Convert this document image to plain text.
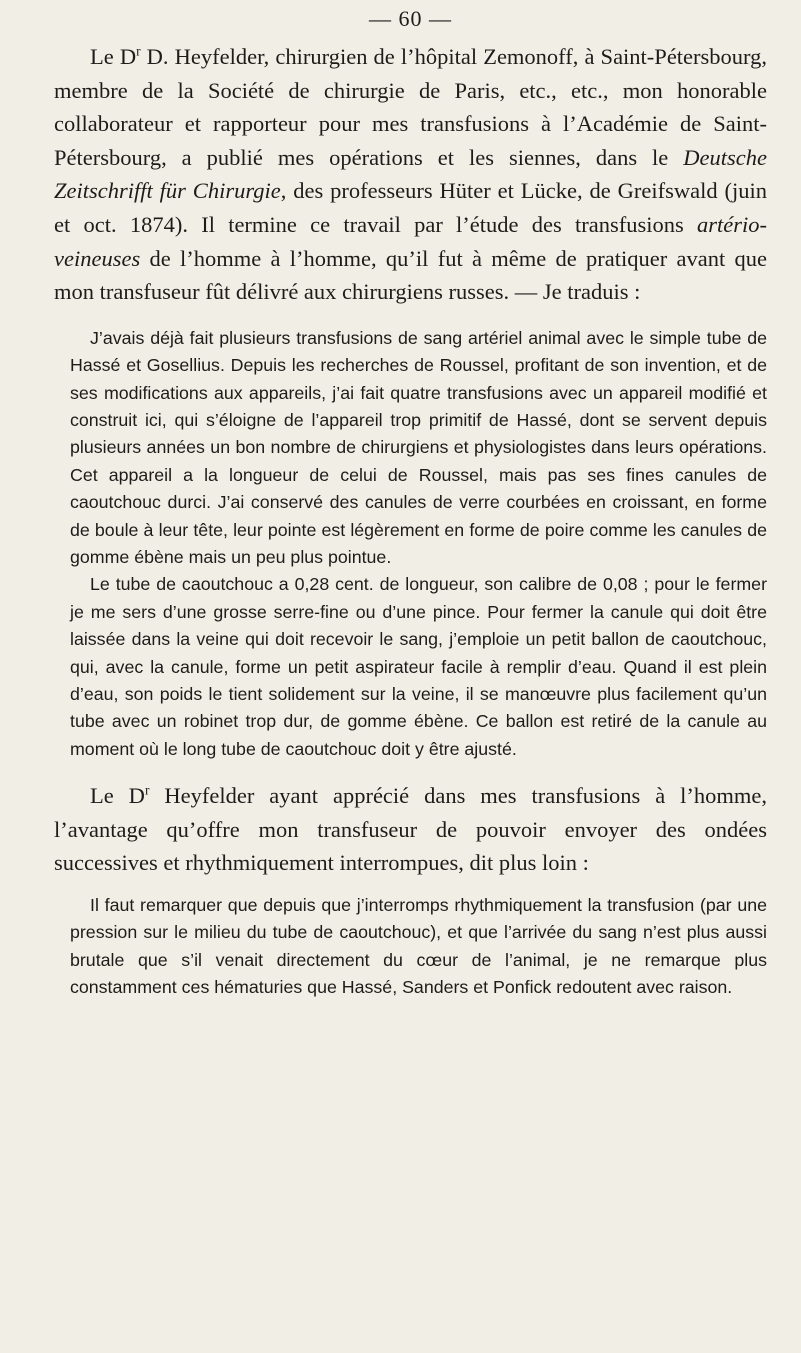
— 60 —

Le $D^r$ D. Heyfelder, chirurgien de l’hôpital Zemonoff, à Saint-Pétersbourg, membre de la Société de chirurgie de Paris, etc., etc., mon honorable collaborateur et rapporteur pour mes transfusions à l’Académie de Saint-Pétersbourg, a publié mes opérations et les siennes, dans le Deutsche Zeitschrifft für Chirurgie, des professeurs Hüter et Lücke, de Greifswald (juin et oct. 1874). Il termine ce travail par l’étude des transfusions artério-veineuses de l’homme à l’homme, qu’il fut à même de pratiquer avant que mon transfuseur fût délivré aux chirurgiens russes. — Je traduis :

J’avais déjà fait plusieurs transfusions de sang artériel animal avec le simple tube de Hassé et Gosellius. Depuis les recherches de Roussel, profitant de son invention, et de ses modifications aux appareils, j’ai fait quatre transfusions avec un appareil modifié et construit ici, qui s’éloigne de l’appareil trop primitif de Hassé, dont se servent depuis plusieurs années un bon nombre de chirurgiens et physiologistes dans leurs opérations. Cet appareil a la longueur de celui de Roussel, mais pas ses fines canules de caoutchouc durci. J’ai conservé des canules de verre courbées en croissant, en forme de boule à leur tête, leur pointe est légèrement en forme de poire comme les canules de gomme ébène mais un peu plus pointue.

Le tube de caoutchouc a 0,28 cent. de longueur, son calibre de 0,08 ; pour le fermer je me sers d’une grosse serre-fine ou d’une pince. Pour fermer la canule qui doit être laissée dans la veine qui doit recevoir le sang, j’emploie un petit ballon de caoutchouc, qui, avec la canule, forme un petit aspirateur facile à remplir d’eau. Quand il est plein d’eau, son poids le tient solidement sur la veine, il se manœuvre plus facilement qu’un tube avec un robinet trop dur, de gomme ébène. Ce ballon est retiré de la canule au moment où le long tube de caoutchouc doit y être ajusté.

Le $D^r$ Heyfelder ayant apprécié dans mes transfusions à l’homme, l’avantage qu’offre mon transfuseur de pouvoir envoyer des ondées successives et rhythmiquement interrompues, dit plus loin :

Il faut remarquer que depuis que j’interromps rhythmiquement la transfusion (par une pression sur le milieu du tube de caoutchouc), et que l’arrivée du sang n’est plus aussi brutale que s’il venait directement du cœur de l’animal, je ne remarque plus constamment ces hématuries que Hassé, Sanders et Ponfick redoutent avec raison.
